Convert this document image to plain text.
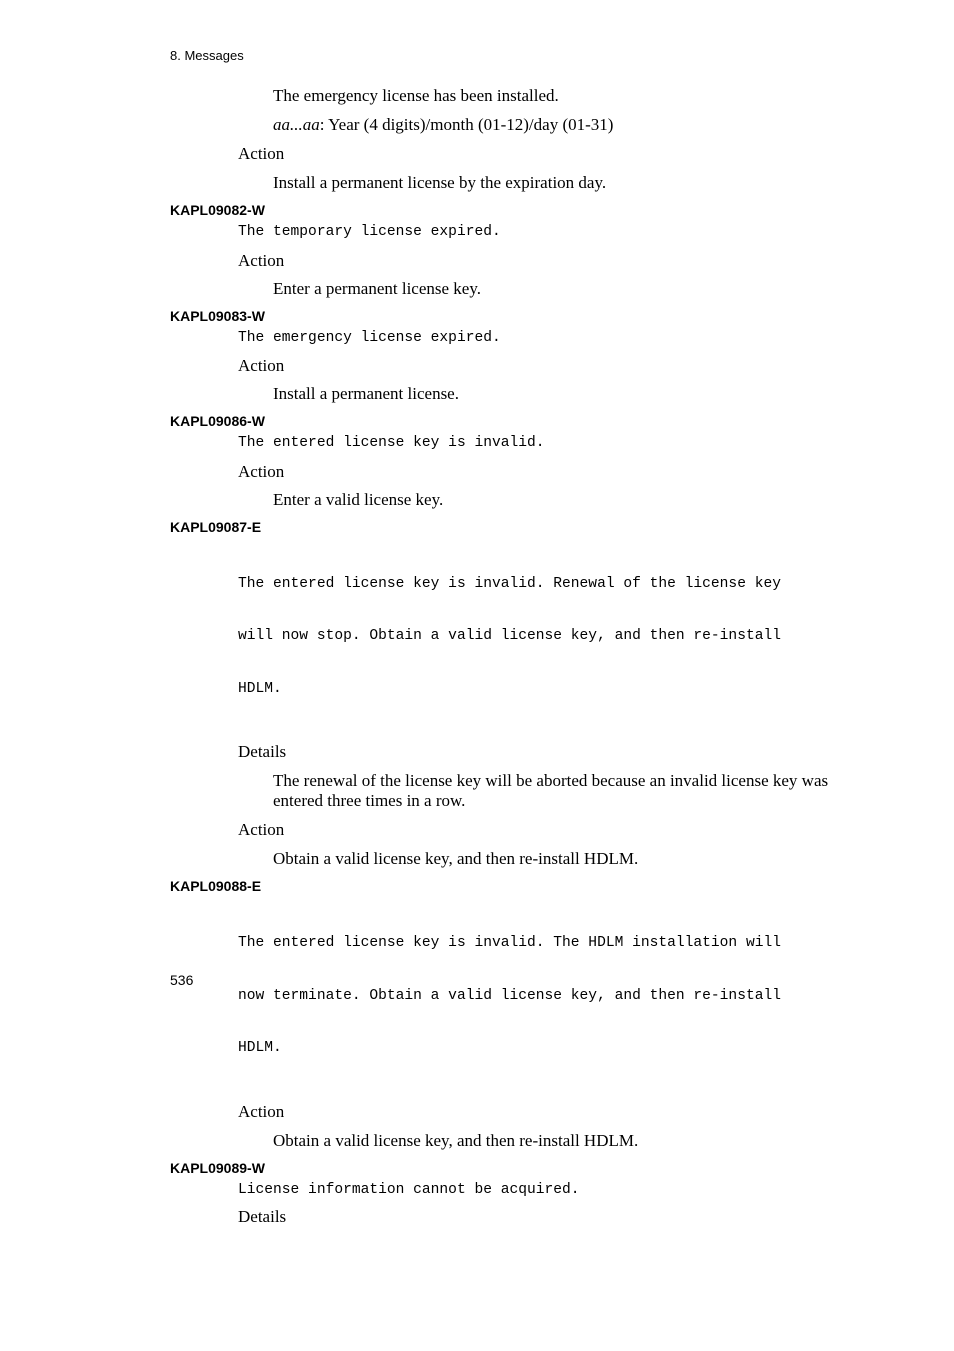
8. Messages
The emergency license has been installed.
aa...aa: Year (4 digits)/month (01-12)/day (01-31)
Action
Install a permanent license by the expiration day.
KAPL09082-W
The temporary license expired.
Action
Enter a permanent license key.
KAPL09083-W
The emergency license expired.
Action
Install a permanent license.
KAPL09086-W
The entered license key is invalid.
Action
Enter a valid license key.
KAPL09087-E

The entered license key is invalid. Renewal of the license key

will now stop. Obtain a valid license key, and then re-install

HDLM.

Details
The renewal of the license key will be aborted because an invalid license key was
entered three times in a row.
Action
Obtain a valid license key, and then re-install HDLM.
KAPL09088-E

The entered license key is invalid. The HDLM installation will

now terminate. Obtain a valid license key, and then re-install

HDLM.

Action
Obtain a valid license key, and then re-install HDLM.
KAPL09089-W
License information cannot be acquired.
Details
536
